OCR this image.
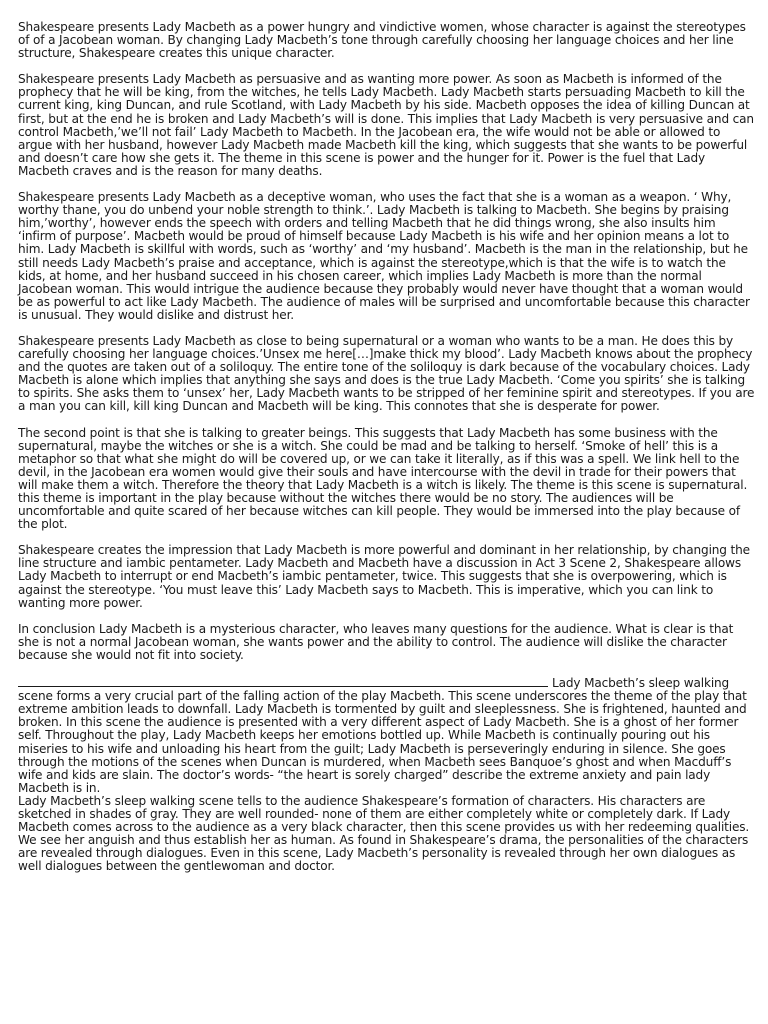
Shakespeare presents Lady Macbeth as a power hungry and vindictive women, whose character is against the stereotypes of of a Jacobean woman. By changing Lady Macbeth’s tone through carefully choosing her language choices and her line structure, Shakespeare creates this unique character.

Shakespeare presents Lady Macbeth as persuasive and as wanting more power. As soon as Macbeth is informed of the prophecy that he will be king, from the witches, he tells Lady Macbeth. Lady Macbeth starts persuading Macbeth to kill the current king, king Duncan, and rule Scotland, with Lady Macbeth by his side. Macbeth opposes the idea of killing Duncan at first, but at the end he is broken and Lady Macbeth’s will is done. This implies that Lady Macbeth is very persuasive and can control Macbeth,’we’ll not fail’ Lady Macbeth to Macbeth. In the Jacobean era, the wife would not be able or allowed to argue with her husband, however Lady Macbeth made Macbeth kill the king, which suggests that she wants to be powerful and doesn’t care how she gets it. The theme in this scene is power and the hunger for it. Power is the fuel that Lady Macbeth craves and is the reason for many deaths.

Shakespeare presents Lady Macbeth as a deceptive woman, who uses the fact that she is a woman as a weapon. ‘ Why, worthy thane, you do unbend your noble strength to think.’. Lady Macbeth is talking to Macbeth. She begins by praising him,’worthy’, however ends the speech with orders and telling Macbeth that he did things wrong, she also insults him ‘infirm of purpose’. Macbeth would be proud of himself because Lady Macbeth is his wife and her opinion means a lot to him. Lady Macbeth is skillful with words, such as ‘worthy’ and ‘my husband’. Macbeth is the man in the relationship, but he still needs Lady Macbeth’s praise and acceptance, which is against the stereotype,which is that the wife is to watch the kids, at home, and her husband succeed in his chosen career, which implies Lady Macbeth is more than the normal Jacobean woman. This would intrigue the audience because they probably would never have thought that a woman would be as powerful to act like Lady Macbeth. The audience of males will be surprised and uncomfortable because this character is unusual. They would dislike and distrust her.

Shakespeare presents Lady Macbeth as close to being supernatural or a woman who wants to be a man. He does this by carefully choosing her language choices.’Unsex me here[…]make thick my blood’. Lady Macbeth knows about the prophecy and the quotes are taken out of a soliloquy. The entire tone of the soliloquy is dark because of the vocabulary choices. Lady Macbeth is alone which implies that anything she says and does is the true Lady Macbeth. ‘Come you spirits’ she is talking to spirits. She asks them to ‘unsex’ her, Lady Macbeth wants to be stripped of her feminine spirit and stereotypes. If you are a man you can kill, kill king Duncan and Macbeth will be king. This connotes that she is desperate for power.

The second point is that she is talking to greater beings. This suggests that Lady Macbeth has some business with the supernatural, maybe the witches or she is a witch. She could be mad and be talking to herself. ‘Smoke of hell’ this is a metaphor so that what she might do will be covered up, or we can take it literally, as if this was a spell. We link hell to the devil, in the Jacobean era women would give their souls and have intercourse with the devil in trade for their powers that will make them a witch. Therefore the theory that Lady Macbeth is a witch is likely. The theme is this scene is supernatural. this theme is important in the play because without the witches there would be no story. The audiences will be uncomfortable and quite scared of her because witches can kill people. They would be immersed into the play because of the plot.

Shakespeare creates the impression that Lady Macbeth is more powerful and dominant in her relationship, by changing the line structure and iambic pentameter. Lady Macbeth and Macbeth have a discussion in Act 3 Scene 2, Shakespeare allows Lady Macbeth to interrupt or end Macbeth’s iambic pentameter, twice. This suggests that she is overpowering, which is against the stereotype. ‘You must leave this’ Lady Macbeth says to Macbeth. This is imperative, which you can link to wanting more power.

In conclusion Lady Macbeth is a mysterious character, who leaves many questions for the audience. What is clear is that she is not a normal Jacobean woman, she wants power and the ability to control. The audience will dislike the character because she would not fit into society.

Lady Macbeth’s sleep walking scene forms a very crucial part of the falling action of the play Macbeth. This scene underscores the theme of the play that extreme ambition leads to downfall. Lady Macbeth is tormented by guilt and sleeplessness. She is frightened, haunted and broken. In this scene the audience is presented with a very different aspect of Lady Macbeth. She is a ghost of her former self. Throughout the play, Lady Macbeth keeps her emotions bottled up. While Macbeth is continually pouring out his miseries to his wife and unloading his heart from the guilt; Lady Macbeth is perseveringly enduring in silence. She goes through the motions of the scenes when Duncan is murdered, when Macbeth sees Banquoe’s ghost and when Macduff’s wife and kids are slain. The doctor’s words- “the heart is sorely charged” describe the extreme anxiety and pain lady Macbeth is in.

Lady Macbeth’s sleep walking scene tells to the audience Shakespeare’s formation of characters. His characters are sketched in shades of gray. They are well rounded- none of them are either completely white or completely dark. If Lady Macbeth comes across to the audience as a very black character, then this scene provides us with her redeeming qualities. We see her anguish and thus establish her as human. As found in Shakespeare’s drama, the personalities of the characters are revealed through dialogues. Even in this scene, Lady Macbeth’s personality is revealed through her own dialogues as well dialogues between the gentlewoman and doctor.
